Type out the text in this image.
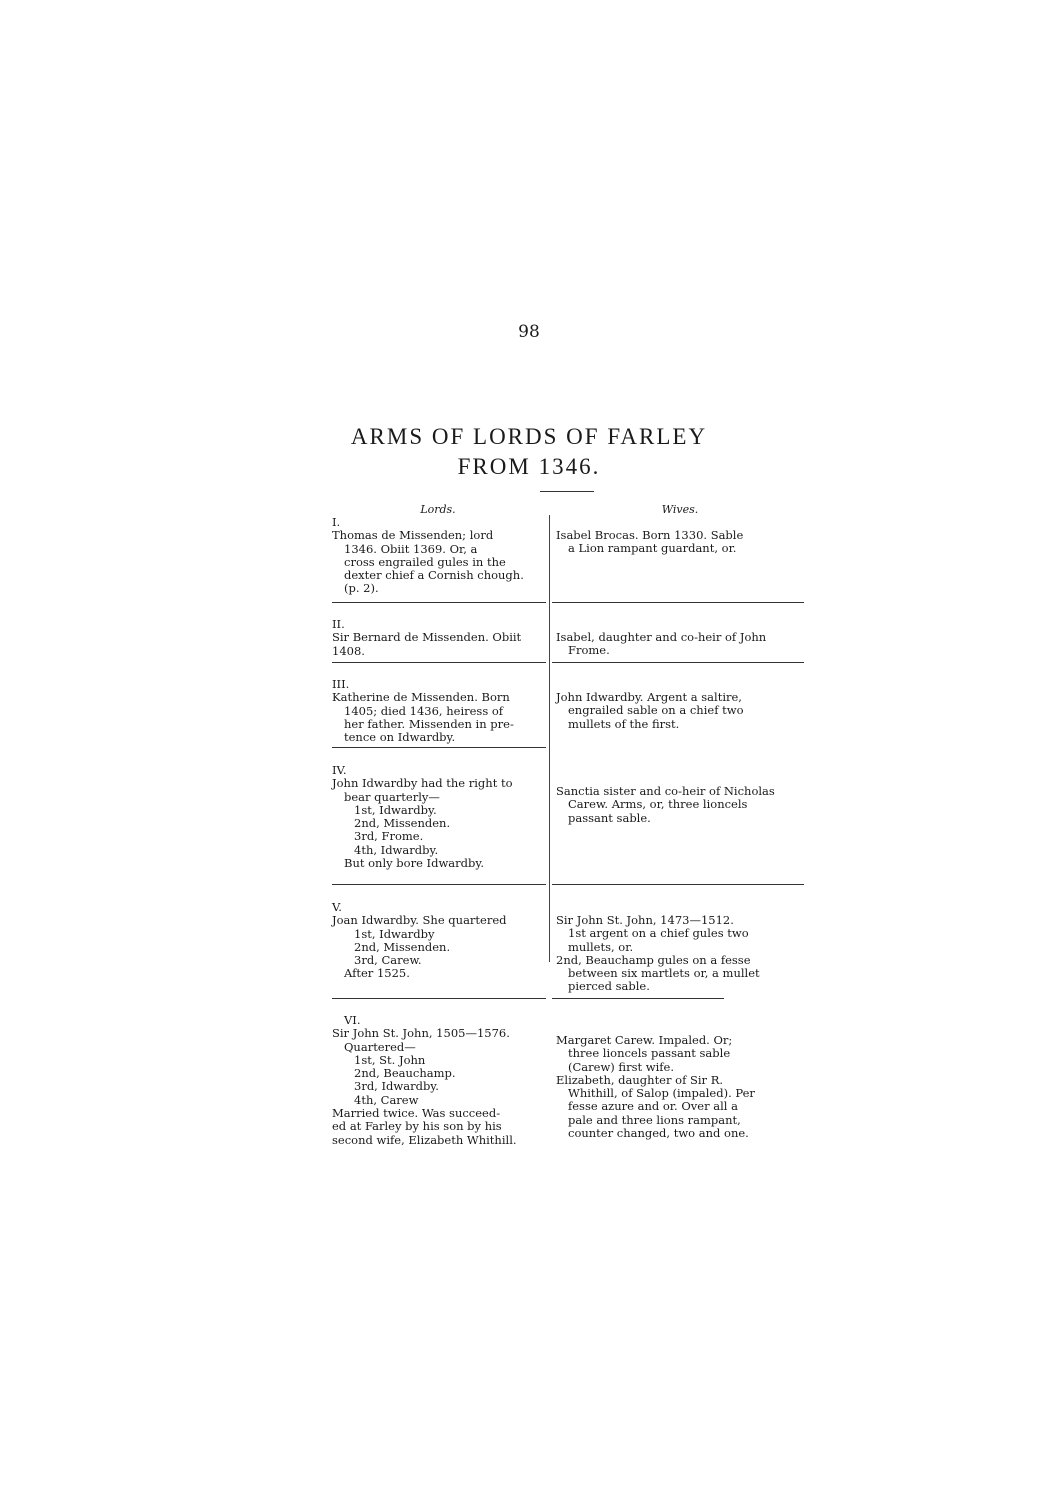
98
ARMS OF LORDS OF FARLEY
FROM 1346.
Lords.	Wives.
I.
Thomas de Missenden; lord
1346. Obiit 1369. Or, a
cross engrailed gules in the
dexter chief a Cornish chough.
(p. 2).
Isabel Brocas. Born 1330. Sable
a Lion rampant guardant, or.
II.
Sir Bernard de Missenden. Obiit
1408.
Isabel, daughter and co-heir of John
Frome.
III.
Katherine de Missenden. Born
1405; died 1436, heiress of
her father. Missenden in pre-
tence on Idwardby.
John Idwardby. Argent a saltire,
engrailed sable on a chief two
mullets of the first.
IV.
John Idwardby had the right to
bear quarterly—
1st, Idwardby.
2nd, Missenden.
3rd, Frome.
4th, Idwardby.
But only bore Idwardby.
Sanctia sister and co-heir of Nicholas
Carew. Arms, or, three lioncels
passant sable.
V.
Joan Idwardby. She quartered
1st, Idwardby
2nd, Missenden.
3rd, Carew.
After 1525.
Sir John St. John, 1473—1512.
1st argent on a chief gules two
mullets, or.
2nd, Beauchamp gules on a fesse
between six martlets or, a mullet
pierced sable.
VI.
Sir John St. John, 1505—1576.
Quartered—
1st, St. John
2nd, Beauchamp.
3rd, Idwardby.
4th, Carew
Married twice. Was succeed-
ed at Farley by his son by his
second wife, Elizabeth Whithill.
Margaret Carew. Impaled. Or;
three lioncels passant sable
(Carew) first wife.
Elizabeth, daughter of Sir R.
Whithill, of Salop (impaled). Per
fesse azure and or. Over all a
pale and three lions rampant,
counter changed, two and one.
